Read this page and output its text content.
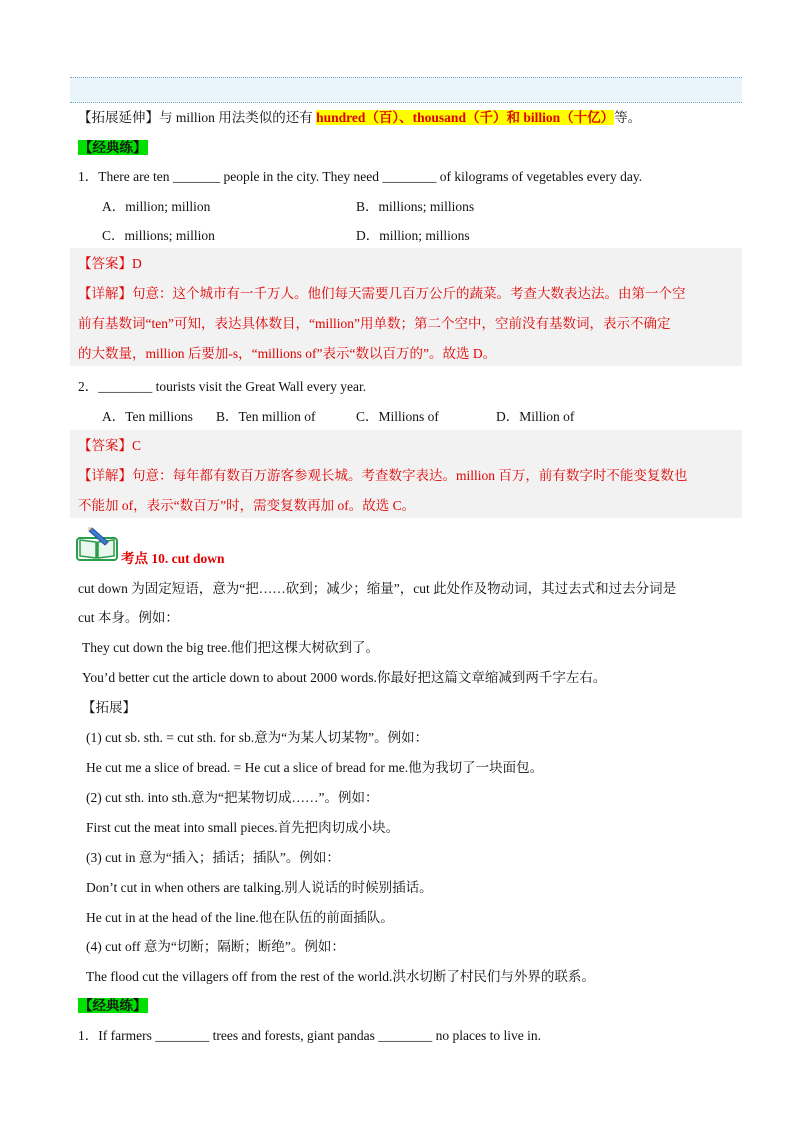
【拓展延伸】与 million 用法类似的还有 hundred（百）、thousand（千）和 billion（十亿）等。
【经典练】
1．There are ten _______ people in the city. They need ________ of kilograms of vegetables every day.
A．million; million	B．millions; millions
C．millions; million	D．million; millions
【答案】D
【详解】句意：这个城市有一千万人。他们每天需要几百万公斤的蔬菜。考查大数表达法。由第一个空
前有基数词“ten”可知，表达具体数目，“million”用单数；第二个空中，空前没有基数词，表示不确定
的大数量，million 后要加-s，“millions of”表示“数以百万的”。故选 D。
2．________ tourists visit the Great Wall every year.
A．Ten millions B．Ten million of	C．Millions of	D．Million of
【答案】C
【详解】句意：每年都有数百万游客参观长城。考查数字表达。million 百万，前有数字时不能变复数也
不能加 of，表示“数百万”时，需变复数再加 of。故选 C。
考点 10. cut down
cut down 为固定短语，意为“把……砍到；减少；缩量”，cut 此处作及物动词，其过去式和过去分词是
cut 本身。例如：
They cut down the big tree.他们把这棵大树砍到了。
You’d better cut the article down to about 2000 words.你最好把这篇文章缩减到两千字左右。
【拓展】
(1) cut sb. sth. = cut sth. for sb.意为“为某人切某物”。例如：
He cut me a slice of bread. = He cut a slice of bread for me.他为我切了一块面包。
(2) cut sth. into sth.意为“把某物切成……”。例如：
First cut the meat into small pieces.首先把肉切成小块。
(3) cut in 意为“插入；插话；插队”。例如：
Don’t cut in when others are talking.别人说话的时候别插话。
He cut in at the head of the line.他在队伍的前面插队。
(4) cut off 意为“切断；隔断；断绝”。例如：
The flood cut the villagers off from the rest of the world.洪水切断了村民们与外界的联系。
【经典练】
1．If farmers ________ trees and forests, giant pandas ________ no places to live in.
